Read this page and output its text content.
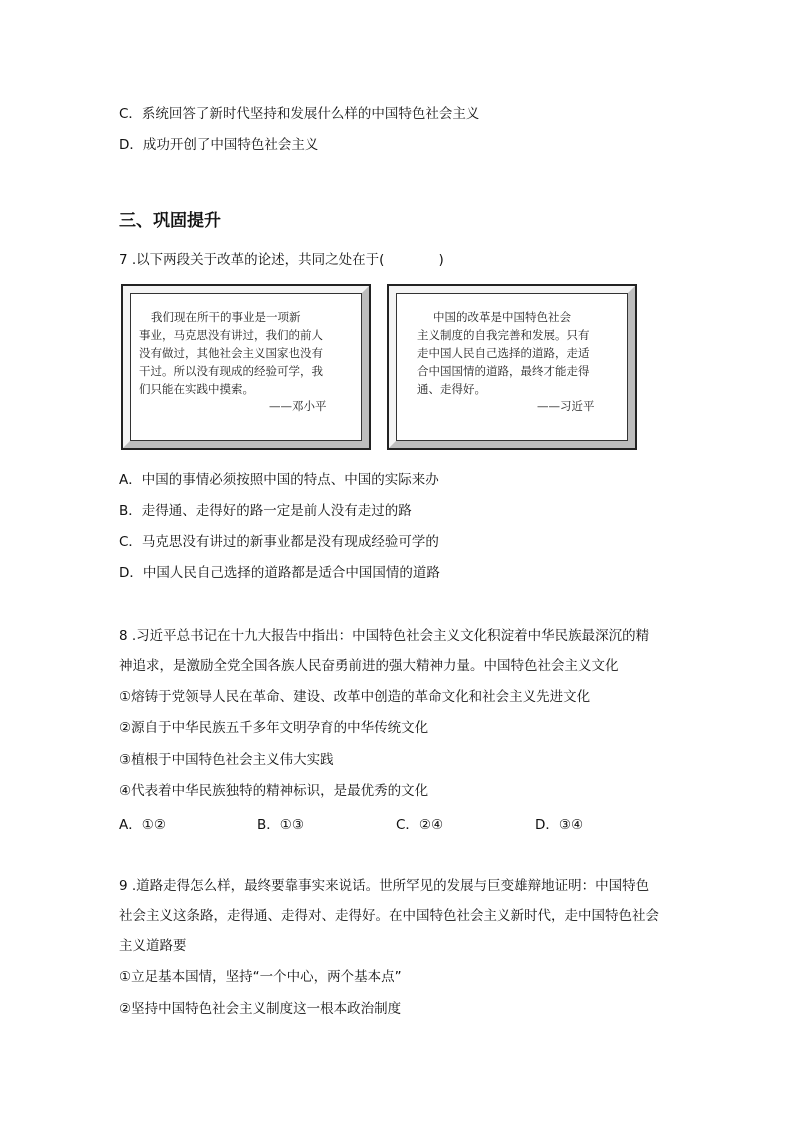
C．系统回答了新时代坚持和发展什么样的中国特色社会主义
D．成功开创了中国特色社会主义
三、巩固提升
7 .以下两段关于改革的论述，共同之处在于(　　　　)
我们现在所干的事业是一项新
事业，马克思没有讲过，我们的前人
没有做过，其他社会主义国家也没有
干过。所以没有现成的经验可学，我
们只能在实践中摸索。
——邓小平
中国的改革是中国特色社会
主义制度的自我完善和发展。只有
走中国人民自己选择的道路，走适
合中国国情的道路，最终才能走得
通、走得好。
——习近平
A．中国的事情必须按照中国的特点、中国的实际来办
B．走得通、走得好的路一定是前人没有走过的路
C．马克思没有讲过的新事业都是没有现成经验可学的
D．中国人民自己选择的道路都是适合中国国情的道路
8 .习近平总书记在十九大报告中指出：中国特色社会主义文化积淀着中华民族最深沉的精
神追求，是激励全党全国各族人民奋勇前进的强大精神力量。中国特色社会主义文化
①熔铸于党领导人民在革命、建设、改革中创造的革命文化和社会主义先进文化
②源自于中华民族五千多年文明孕育的中华传统文化
③植根于中国特色社会主义伟大实践
④代表着中华民族独特的精神标识，是最优秀的文化
A．①②	B．①③	C．②④	D．③④
9 .道路走得怎么样，最终要靠事实来说话。世所罕见的发展与巨变雄辩地证明：中国特色
社会主义这条路，走得通、走得对、走得好。在中国特色社会主义新时代，走中国特色社会
主义道路要
①立足基本国情，坚持“一个中心，两个基本点”
②坚持中国特色社会主义制度这一根本政治制度
